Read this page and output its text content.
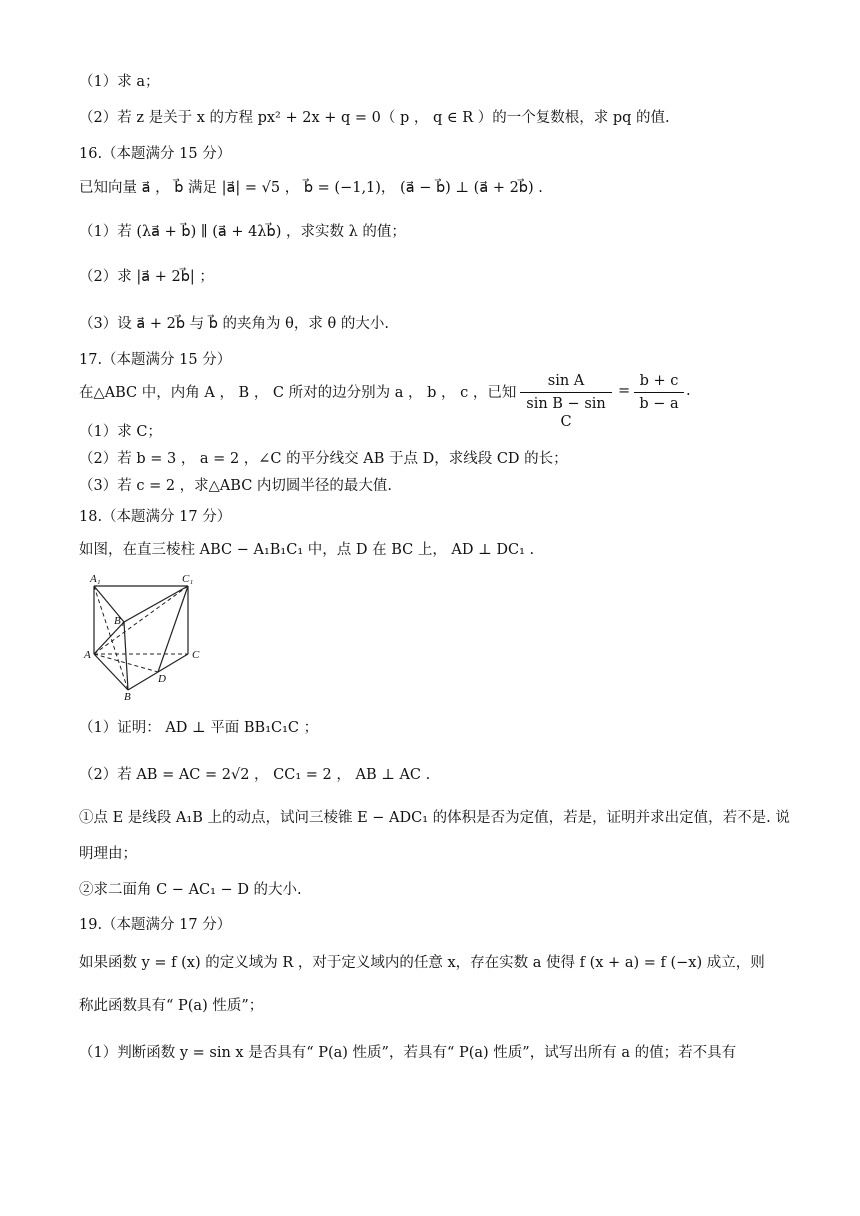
（1）求 a；
（2）若 z 是关于 x 的方程 px² + 2x + q = 0（ p ， q ∈ R ）的一个复数根，求 pq 的值.
16.（本题满分 15 分）
已知向量 a⃗ ， b⃗ 满足 |a⃗| = √5 ， b⃗ = (−1,1)， (a⃗ − b⃗) ⊥ (a⃗ + 2b⃗) .
（1）若 (λa⃗ + b⃗) ∥ (a⃗ + 4λb⃗) ，求实数 λ 的值；
（2）求 |a⃗ + 2b⃗| ；
（3）设 a⃗ + 2b⃗ 与 b⃗ 的夹角为 θ，求 θ 的大小.
17.（本题满分 15 分）
在△ABC 中，内角 A ， B ， C 所对的边分别为 a ， b ， c ，已知
sin A
sin B − sin C
=
b + c
b − a
.
（1）求 C；
（2）若 b = 3 ， a = 2 ，∠C 的平分线交 AB 于点 D，求线段 CD 的长；
（3）若 c = 2 ，求△ABC 内切圆半径的最大值.
18.（本题满分 17 分）
如图，在直三棱柱 ABC − A₁B₁C₁ 中，点 D 在 BC 上， AD ⊥ DC₁ .
A₁	C₁
B₁
A	C
B
D
（1）证明： AD ⊥ 平面 BB₁C₁C ；
（2）若 AB = AC = 2√2 ， CC₁ = 2 ， AB ⊥ AC .
①点 E 是线段 A₁B 上的动点，试问三棱锥 E − ADC₁ 的体积是否为定值，若是，证明并求出定值，若不是. 说
明理由；
②求二面角 C − AC₁ − D 的大小.
19.（本题满分 17 分）
如果函数 y = f (x) 的定义域为 R ，对于定义域内的任意 x，存在实数 a 使得 f (x + a) = f (−x) 成立，则
称此函数具有“ P(a) 性质”；
（1）判断函数 y = sin x 是否具有“ P(a) 性质”，若具有“ P(a) 性质”，试写出所有 a 的值；若不具有
